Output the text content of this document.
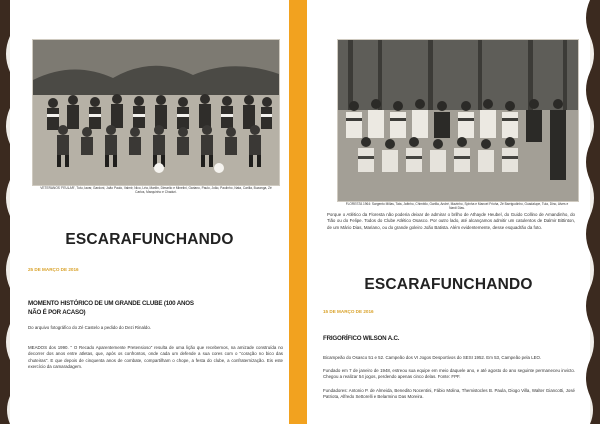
VETERANOS 'FEULAR', Tutu, Iavar, Gardoni, João Paulo, Valmir, Nico, Léa, Marilin, Dimarlio e Minelini, Gariano, Paulo, João, Paulinho, Nata, Carilla, Buzanga, Zé Carlos, Marquinho e Chaduri.
ESCARAFUNCHANDO
25 DE MARÇO DE 2016
MOMENTO HISTÓRICO DE UM GRANDE CLUBE (100 ANOS NÃO É POR ACASO)
Do arquivo fotográfico do Zé Castelo a pedido do Dezi Rinaldo.
MEADOS dos 1990. " O Recado Aparentemente Pretensioso" resulta de uma lição que recebemos, na amizade construída no decorrer dos anos entre atletas, que, após os confrontos, onde cada um defende a sua cores com o "coração no bico das chuteiras". E que depois de cinquenta anos de combate, compartilham o chope, a festa do clube, a confraternização. Eis este exercício da camaradagem.
FLORESTA 1964: Sargento Millas, Tata, Jafinho, Chimbilo, Garilla, André, Mazinho, Spinha e Manoel Frioha, Zé Barrigudinho, Guadalupe, Tuia, Dino, Alves e Nardi Dias.
Porque o Atlético da Floresta não poderia deixar de admirar o brilho de Athayde Heubel, do Guido Collino de Amandinho, do Tião ou do Felipe. Todos do Clube Atlético Osasco. Por outro lado, até alcançamos admitir um catulentos de Dalmir Bittinton, de um Mário Dias, Mariano, ou do grande goleiro João Batista. Além evidentemente, desse esquadrão da foto.
ESCARAFUNCHANDO
15 DE MARÇO DE 2016
FRIGORÍFICO WILSON A.C.
Bicampeão do Osasco 51 e 52. Campeão dos VI Jogos Desportivos do SESI 1952. Em 53, Campeão pela LEO.
Fundado em 7 de janeiro de 1948, estreou sua equipe em meio daquele ano, e até agosto do ano seguinte permaneceu invicto. Chegou a realizar 54 jogos, perdendo apenas cinco delas. Fonte: FPF.
Fundadores: Antonio P. de Almeida, Benedito Nocentini, Fábio Molina, Themistocles B. Paula, Diogo Villa, Walter Giancotti, José Patriota, Alfredo Settorelli e Belarmino Das Moreira.
